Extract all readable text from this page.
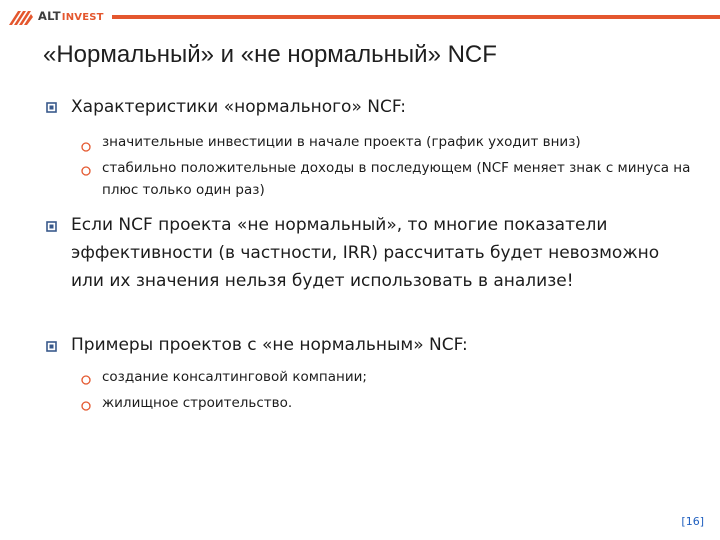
ALTINVEST
«Нормальный» и «не нормальный» NCF
Характеристики «нормального» NCF:
значительные инвестиции в начале проекта (график уходит вниз)
стабильно положительные доходы в последующем (NCF меняет знак с минуса на плюс только один раз)
Если NCF проекта «не нормальный», то многие показатели эффективности (в частности, IRR) рассчитать будет невозможно или их значения нельзя будет использовать в анализе!
Примеры проектов с «не нормальным» NCF:
создание консалтинговой компании;
жилищное строительство.
[16]
